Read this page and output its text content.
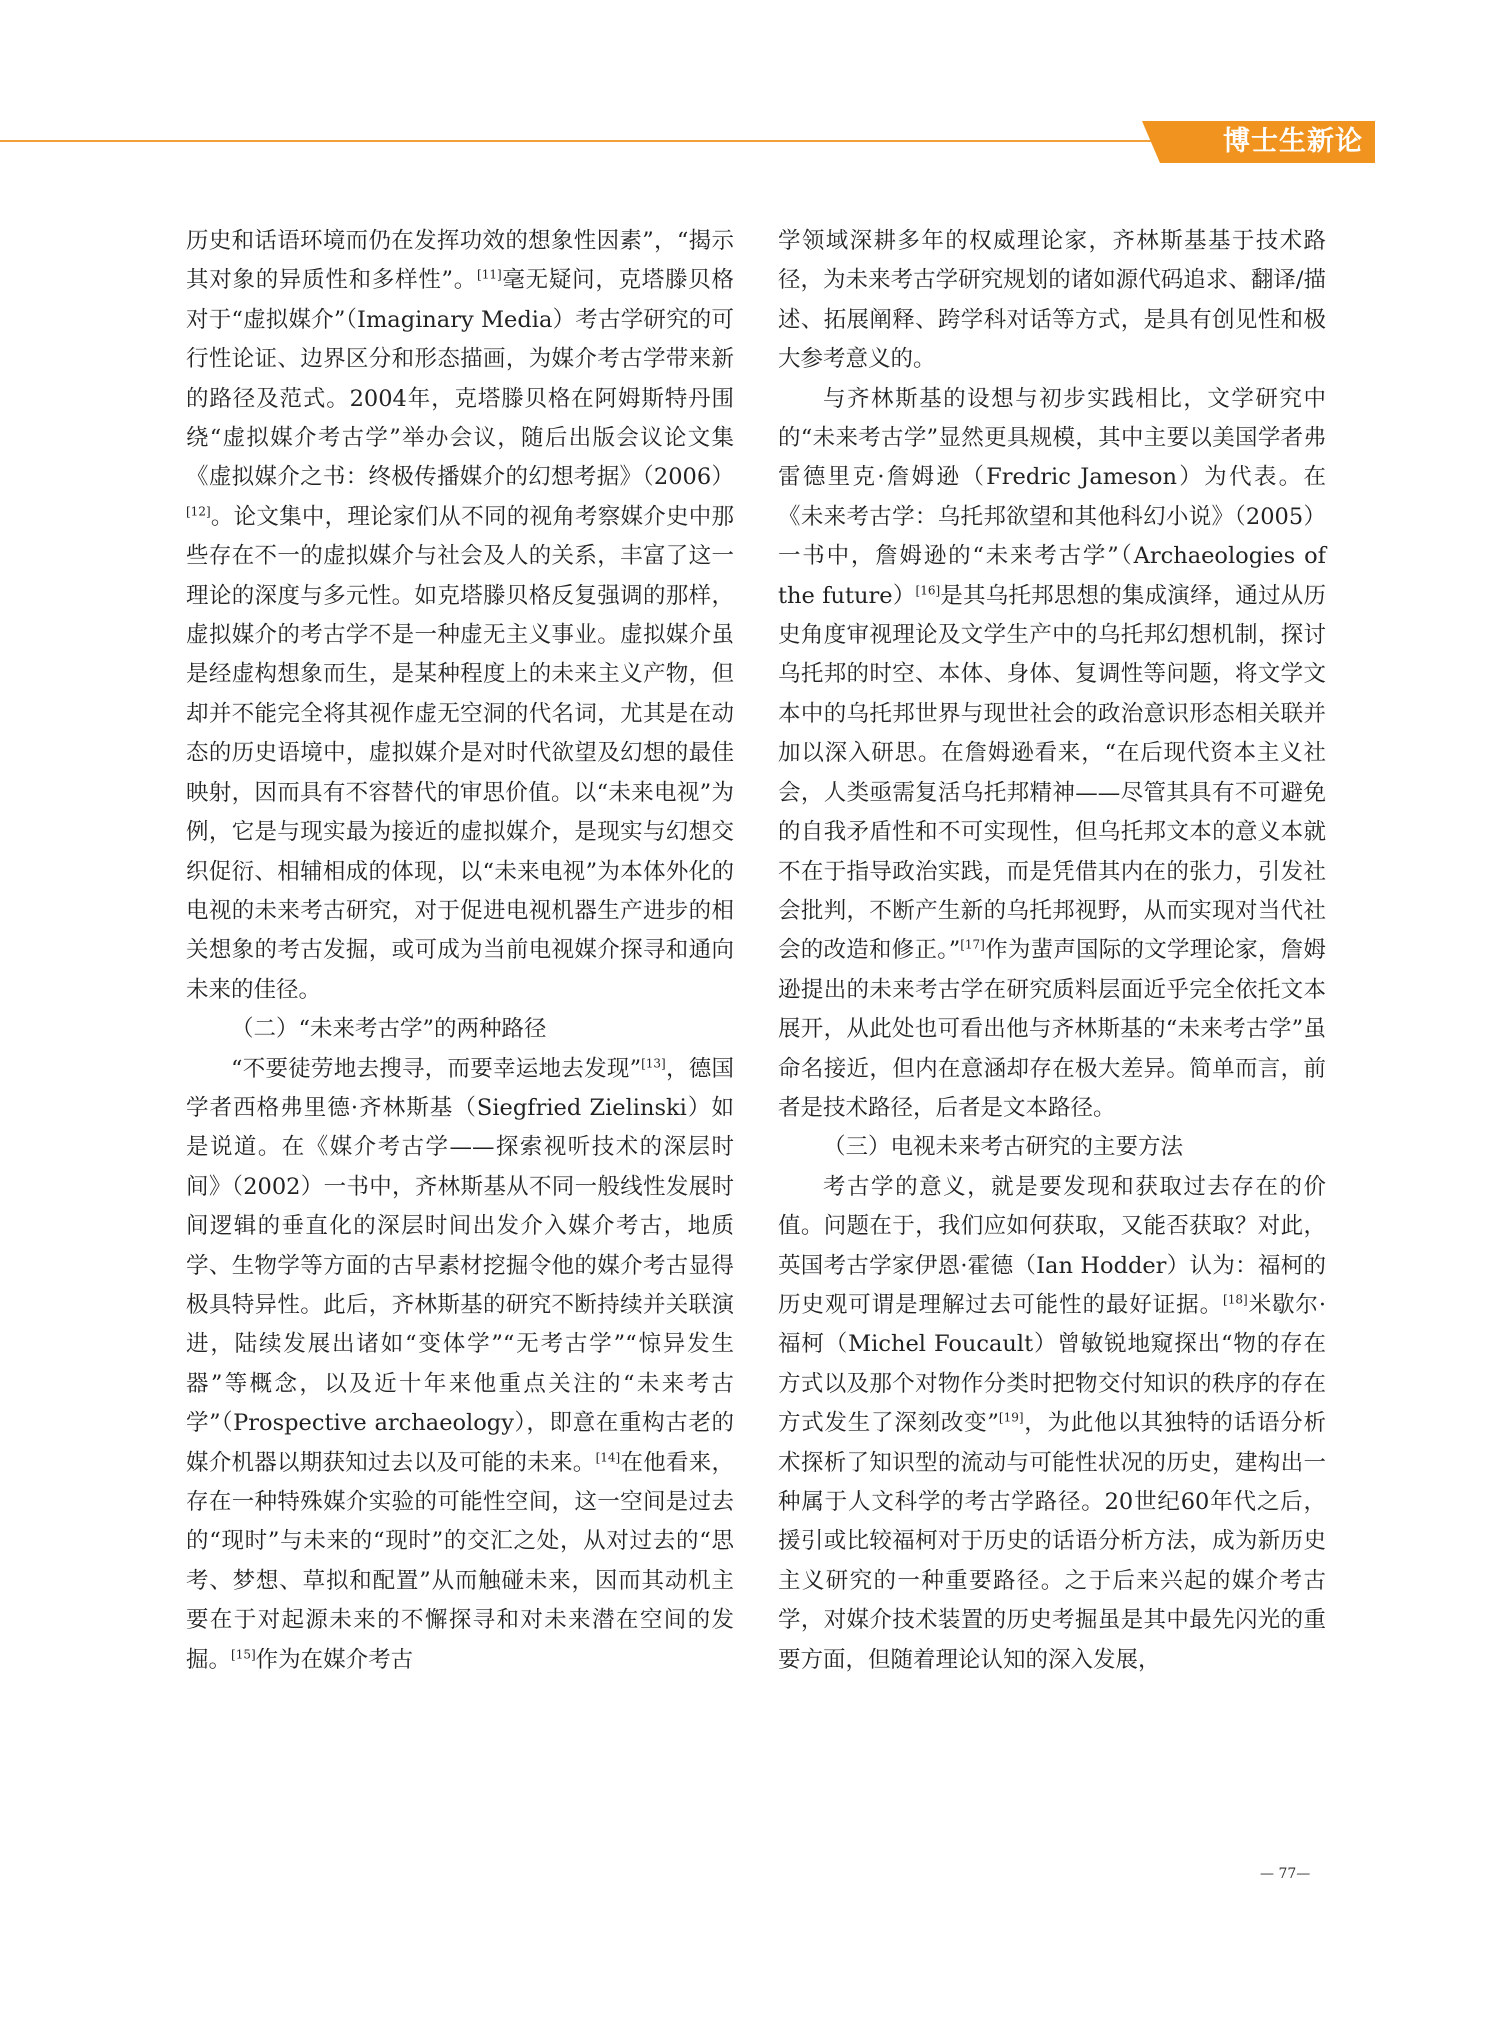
博士生新论

历史和话语环境而仍在发挥功效的想象性因素”，“揭示其对象的异质性和多样性”。[11]毫无疑问，克塔滕贝格对于“虚拟媒介”（Imaginary Media）考古学研究的可行性论证、边界区分和形态描画，为媒介考古学带来新的路径及范式。2004年，克塔滕贝格在阿姆斯特丹围绕“虚拟媒介考古学”举办会议，随后出版会议论文集《虚拟媒介之书：终极传播媒介的幻想考据》（2006）[12]。论文集中，理论家们从不同的视角考察媒介史中那些存在不一的虚拟媒介与社会及人的关系，丰富了这一理论的深度与多元性。如克塔滕贝格反复强调的那样，虚拟媒介的考古学不是一种虚无主义事业。虚拟媒介虽是经虚构想象而生，是某种程度上的未来主义产物，但却并不能完全将其视作虚无空洞的代名词，尤其是在动态的历史语境中，虚拟媒介是对时代欲望及幻想的最佳映射，因而具有不容替代的审思价值。以“未来电视”为例，它是与现实最为接近的虚拟媒介，是现实与幻想交织促衍、相辅相成的体现，以“未来电视”为本体外化的电视的未来考古研究，对于促进电视机器生产进步的相关想象的考古发掘，或可成为当前电视媒介探寻和通向未来的佳径。

（二）“未来考古学”的两种路径

“不要徒劳地去搜寻，而要幸运地去发现”[13]，德国学者西格弗里德·齐林斯基（Siegfried Zielinski）如是说道。在《媒介考古学——探索视听技术的深层时间》（2002）一书中，齐林斯基从不同一般线性发展时间逻辑的垂直化的深层时间出发介入媒介考古，地质学、生物学等方面的古早素材挖掘令他的媒介考古显得极具特异性。此后，齐林斯基的研究不断持续并关联演进，陆续发展出诸如“变体学”“无考古学”“惊异发生器”等概念，以及近十年来他重点关注的“未来考古学”（Prospective archaeology），即意在重构古老的媒介机器以期获知过去以及可能的未来。[14]在他看来，存在一种特殊媒介实验的可能性空间，这一空间是过去的“现时”与未来的“现时”的交汇之处，从对过去的“思考、梦想、草拟和配置”从而触碰未来，因而其动机主要在于对起源未来的不懈探寻和对未来潜在空间的发掘。[15]作为在媒介考古

学领域深耕多年的权威理论家，齐林斯基基于技术路径，为未来考古学研究规划的诸如源代码追求、翻译/描述、拓展阐释、跨学科对话等方式，是具有创见性和极大参考意义的。

与齐林斯基的设想与初步实践相比，文学研究中的“未来考古学”显然更具规模，其中主要以美国学者弗雷德里克·詹姆逊（Fredric Jameson）为代表。在《未来考古学：乌托邦欲望和其他科幻小说》（2005）一书中，詹姆逊的“未来考古学”（Archaeologies of the future）[16]是其乌托邦思想的集成演绎，通过从历史角度审视理论及文学生产中的乌托邦幻想机制，探讨乌托邦的时空、本体、身体、复调性等问题，将文学文本中的乌托邦世界与现世社会的政治意识形态相关联并加以深入研思。在詹姆逊看来，“在后现代资本主义社会，人类亟需复活乌托邦精神——尽管其具有不可避免的自我矛盾性和不可实现性，但乌托邦文本的意义本就不在于指导政治实践，而是凭借其内在的张力，引发社会批判，不断产生新的乌托邦视野，从而实现对当代社会的改造和修正。”[17]作为蜚声国际的文学理论家，詹姆逊提出的未来考古学在研究质料层面近乎完全依托文本展开，从此处也可看出他与齐林斯基的“未来考古学”虽命名接近，但内在意涵却存在极大差异。简单而言，前者是技术路径，后者是文本路径。

（三）电视未来考古研究的主要方法

考古学的意义，就是要发现和获取过去存在的价值。问题在于，我们应如何获取，又能否获取？对此，英国考古学家伊恩·霍德（Ian Hodder）认为：福柯的历史观可谓是理解过去可能性的最好证据。[18]米歇尔·福柯（Michel Foucault）曾敏锐地窥探出“物的存在方式以及那个对物作分类时把物交付知识的秩序的存在方式发生了深刻改变”[19]，为此他以其独特的话语分析术探析了知识型的流动与可能性状况的历史，建构出一种属于人文科学的考古学路径。20世纪60年代之后，援引或比较福柯对于历史的话语分析方法，成为新历史主义研究的一种重要路径。之于后来兴起的媒介考古学，对媒介技术装置的历史考掘虽是其中最先闪光的重要方面，但随着理论认知的深入发展，

— 77—
